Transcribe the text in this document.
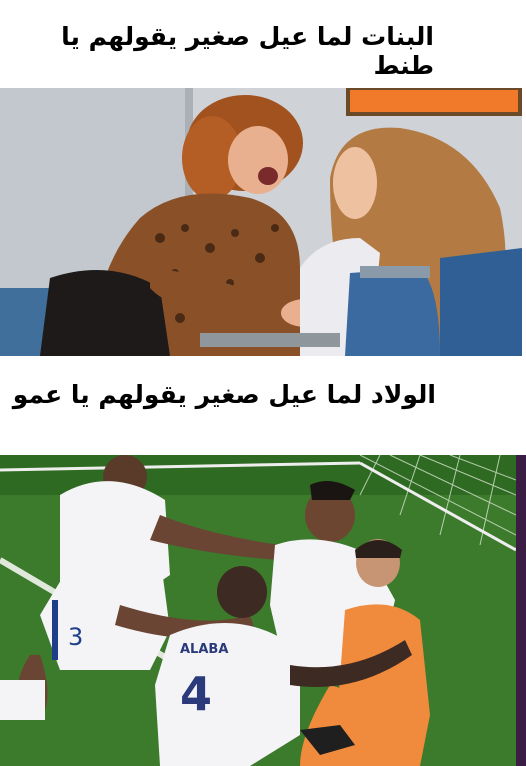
البنات لما عيل صغير يقولهم يا طنط
الولاد لما عيل صغير يقولهم يا عمو
3	ALABA
4
